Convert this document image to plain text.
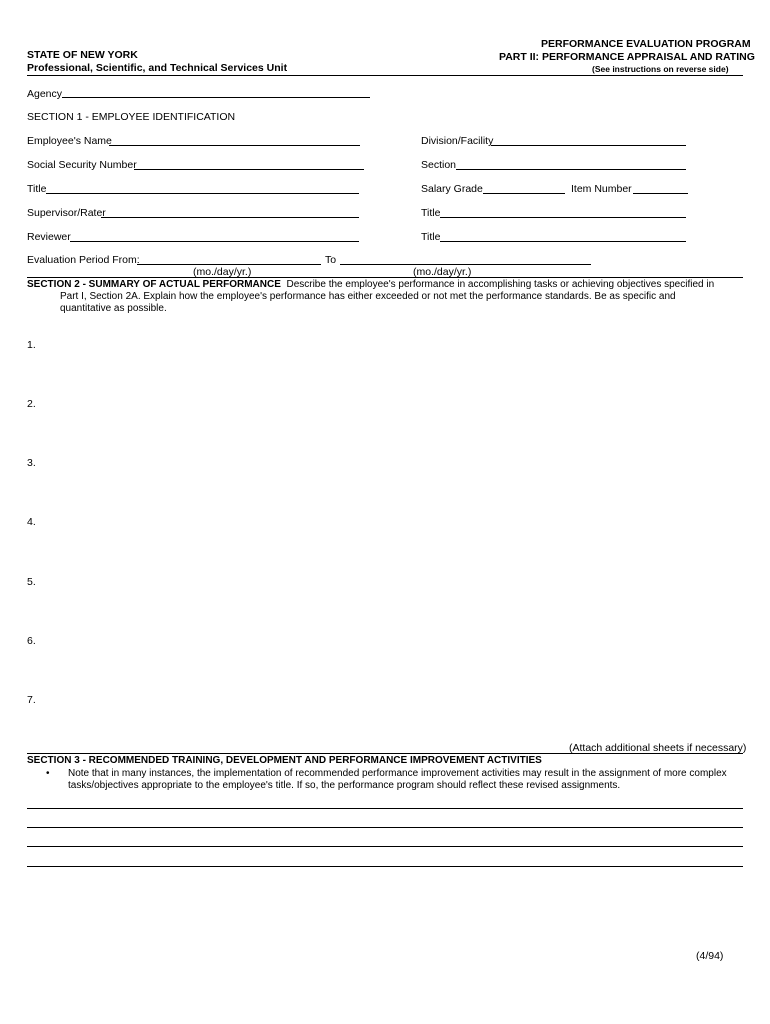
PERFORMANCE EVALUATION PROGRAM
PART II: PERFORMANCE APPRAISAL AND RATING
(See instructions on reverse side)
STATE OF NEW YORK
Professional, Scientific, and Technical Services Unit
Agency
SECTION 1 - EMPLOYEE IDENTIFICATION
Employee's Name	Division/Facility
Social Security Number	Section
Title	Salary Grade	Item Number
Supervisor/Rater	Title
Reviewer	Title
Evaluation Period From:	To
(mo./day/yr.)	(mo./day/yr.)
SECTION 2 - SUMMARY OF ACTUAL PERFORMANCE Describe the employee's performance in accomplishing tasks or achieving objectives specified in
Part I, Section 2A. Explain how the employee's performance has either exceeded or not met the performance standards. Be as specific and
quantitative as possible.
1.
2.
3.
4.
5.
6.
7.
(Attach additional sheets if necessary)
SECTION 3 - RECOMMENDED TRAINING, DEVELOPMENT AND PERFORMANCE IMPROVEMENT ACTIVITIES
• Note that in many instances, the implementation of recommended performance improvement activities may result in the assignment of more complex
tasks/objectives appropriate to the employee's title. If so, the performance program should reflect these revised assignments.
(4/94)
